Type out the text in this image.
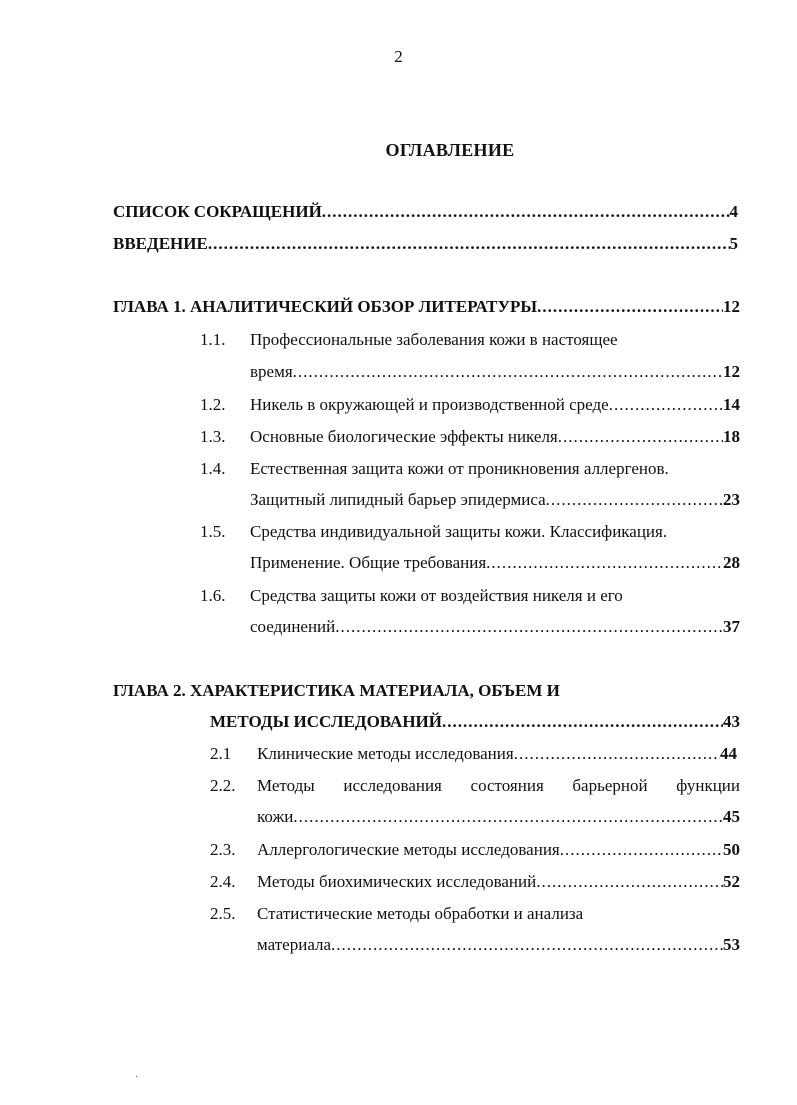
2
ОГЛАВЛЕНИЕ
СПИСОК СОКРАЩЕНИЙ .....	4
ВВЕДЕНИЕ .....	5
ГЛАВА 1. АНАЛИТИЧЕСКИЙ ОБЗОР ЛИТЕРАТУРЫ .....	12
1.1. Профессиональные заболевания кожи в настоящее
время .....	12
1.2. Никель в окружающей и производственной среде .....	14
1.3. Основные биологические эффекты никеля .....	18
1.4. Естественная защита кожи от проникновения аллергенов.
Защитный липидный барьер эпидермиса .....	23
1.5. Средства индивидуальной защиты кожи. Классификация.
Применение. Общие требования .....	28
1.6. Средства защиты кожи от воздействия никеля и его
соединений .....	37
ГЛАВА 2. ХАРАКТЕРИСТИКА МАТЕРИАЛА, ОБЪЕМ И
МЕТОДЫ ИССЛЕДОВАНИЙ .....	43
2.1 Клинические методы исследования .....	44
2.2. Методы исследования состояния барьерной функции
кожи .....	45
2.3. Аллергологические методы исследования .....	50
2.4. Методы биохимических исследований .....	52
2.5. Статистические методы обработки и анализа
материала .....	53
·
